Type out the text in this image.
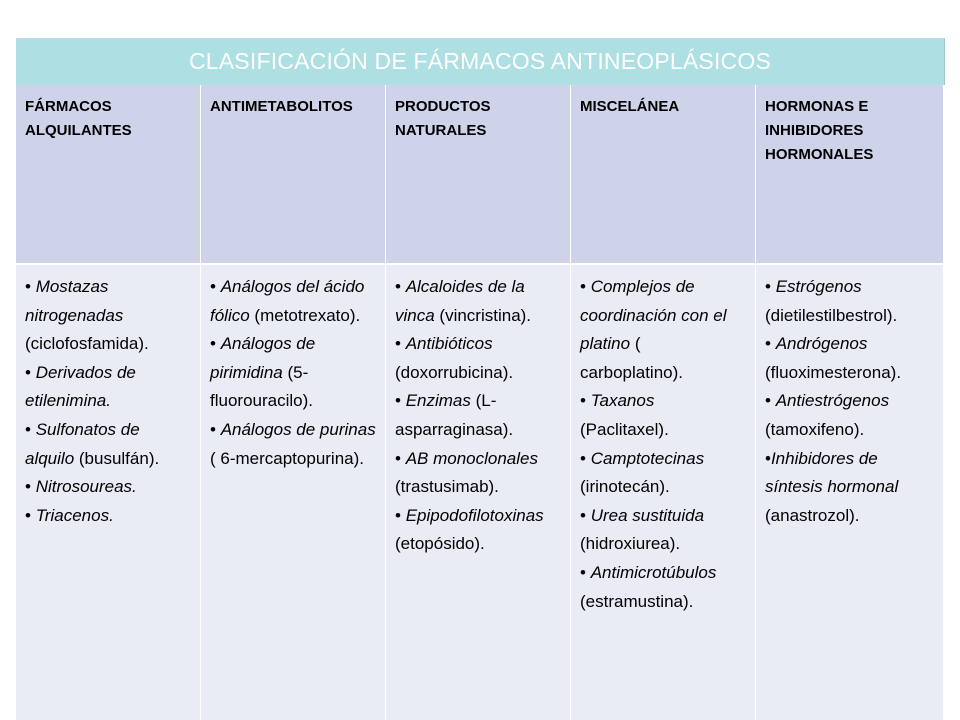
CLASIFICACIÓN DE FÁRMACOS ANTINEOPLÁSICOS
FÁRMACOS ALQUILANTES
ANTIMETABOLITOS	PRODUCTOS NATURALES
MISCELÁNEA	HORMONAS E INHIBIDORES HORMONALES
• Mostazas nitrogenadas (ciclofosfamida).
• Derivados de etilenimina.
• Sulfonatos de alquilo (busulfán).
• Nitrosoureas.
• Triacenos.
• Análogos del ácido fólico (metotrexato).
• Análogos de pirimidina (5-fluorouracilo).
• Análogos de purinas ( 6-mercaptopurina).
• Alcaloides de la vinca (vincristina).
• Antibióticos (doxorrubicina).
• Enzimas (L-asparraginasa).
• AB monoclonales (trastusimab).
• Epipodofilotoxinas (etopósido).
• Complejos de coordinación con el platino ( carboplatino).
• Taxanos (Paclitaxel).
• Camptotecinas (irinotecán).
• Urea sustituida (hidroxiurea).
• Antimicrotúbulos (estramustina).
• Estrógenos (dietilestilbestrol).
• Andrógenos (fluoximesterona).
• Antiestrógenos (tamoxifeno).
•Inhibidores de síntesis hormonal (anastrozol).
